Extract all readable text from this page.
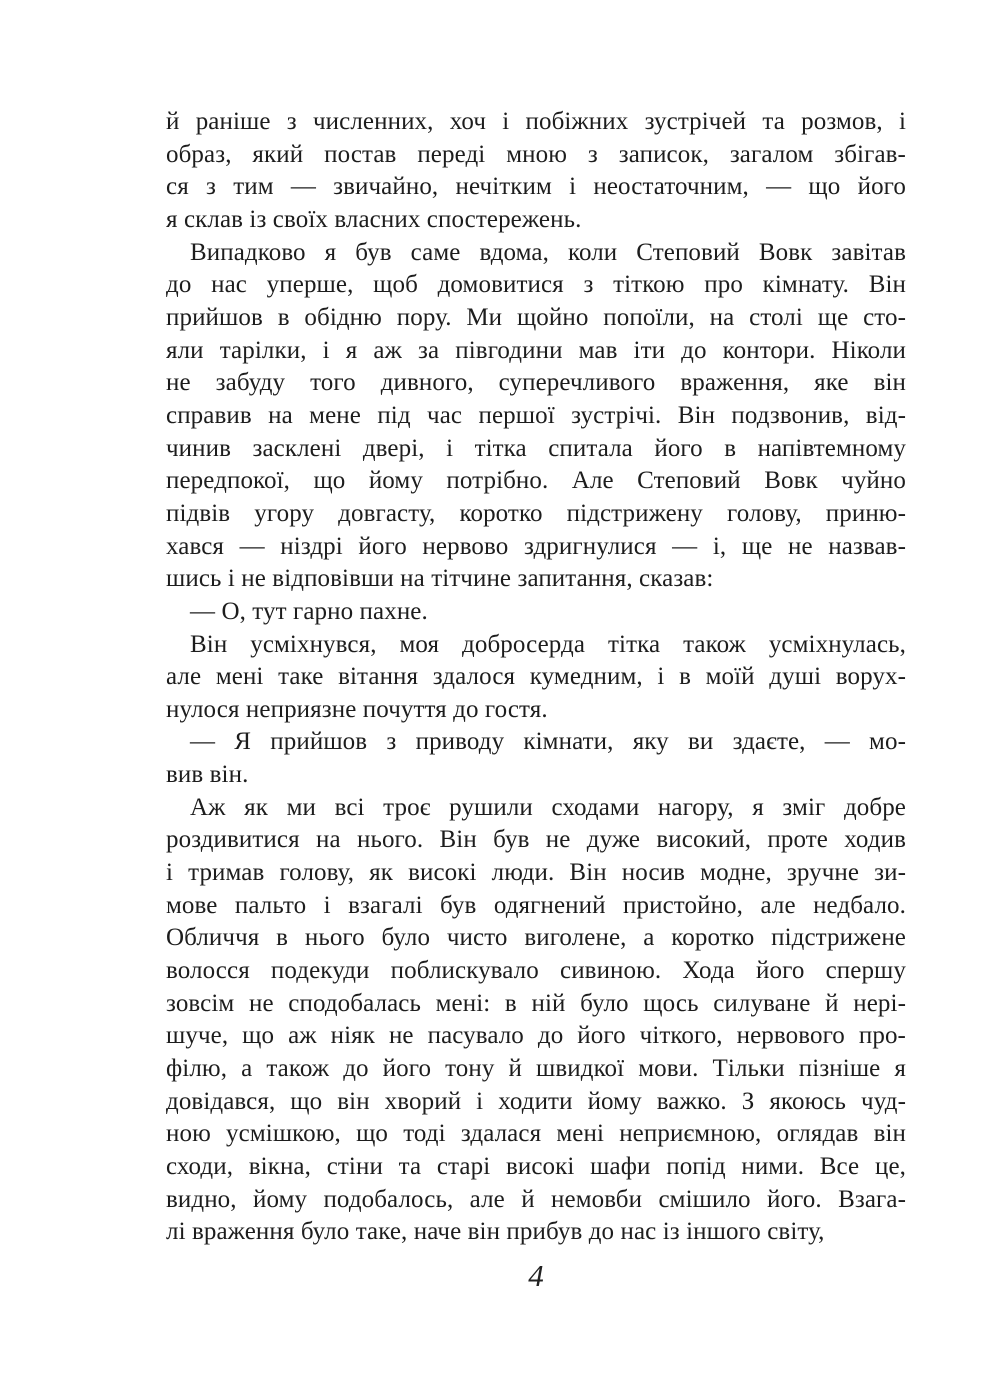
й раніше з численних, хоч і побіжних зустрічей та розмов, і
образ, який постав переді мною з записок, загалом збігав-
ся з тим — звичайно, нечітким і неостаточним, — що його
я склав із своїх власних спостережень.
Випадково я був саме вдома, коли Степовий Вовк завітав
до нас уперше, щоб домовитися з тіткою про кімнату. Він
прийшов в обідню пору. Ми щойно попоїли, на столі ще сто-
яли тарілки, і я аж за півгодини мав іти до контори. Ніколи
не забуду того дивного, суперечливого враження, яке він
справив на мене під час першої зустрічі. Він подзвонив, від-
чинив засклені двері, і тітка спитала його в напівтемному
передпокої, що йому потрібно. Але Степовий Вовк чуйно
підвів угору довгасту, коротко підстрижену голову, приню-
хався — ніздрі його нервово здригнулися — і, ще не назвав-
шись і не відповівши на тітчине запитання, сказав:
— О, тут гарно пахне.
Він усміхнувся, моя добросерда тітка також усміхнулась,
але мені таке вітання здалося кумедним, і в моїй душі ворух-
нулося неприязне почуття до гостя.
— Я прийшов з приводу кімнати, яку ви здаєте, — мо-
вив він.
Аж як ми всі троє рушили сходами нагору, я зміг добре
роздивитися на нього. Він був не дуже високий, проте ходив
і тримав голову, як високі люди. Він носив модне, зручне зи-
мове пальто і взагалі був одягнений пристойно, але недбало.
Обличчя в нього було чисто виголене, а коротко підстрижене
волосся подекуди поблискувало сивиною. Хода його спершу
зовсім не сподобалась мені: в ній було щось силуване й нері-
шуче, що аж ніяк не пасувало до його чіткого, нервового про-
філю, а також до його тону й швидкої мови. Тільки пізніше я
довідався, що він хворий і ходити йому важко. З якоюсь чуд-
ною усмішкою, що тоді здалася мені неприємною, оглядав він
сходи, вікна, стіни та старі високі шафи попід ними. Все це,
видно, йому подобалось, але й немовби смішило його. Взага-
лі враження було таке, наче він прибув до нас із іншого світу,
4
